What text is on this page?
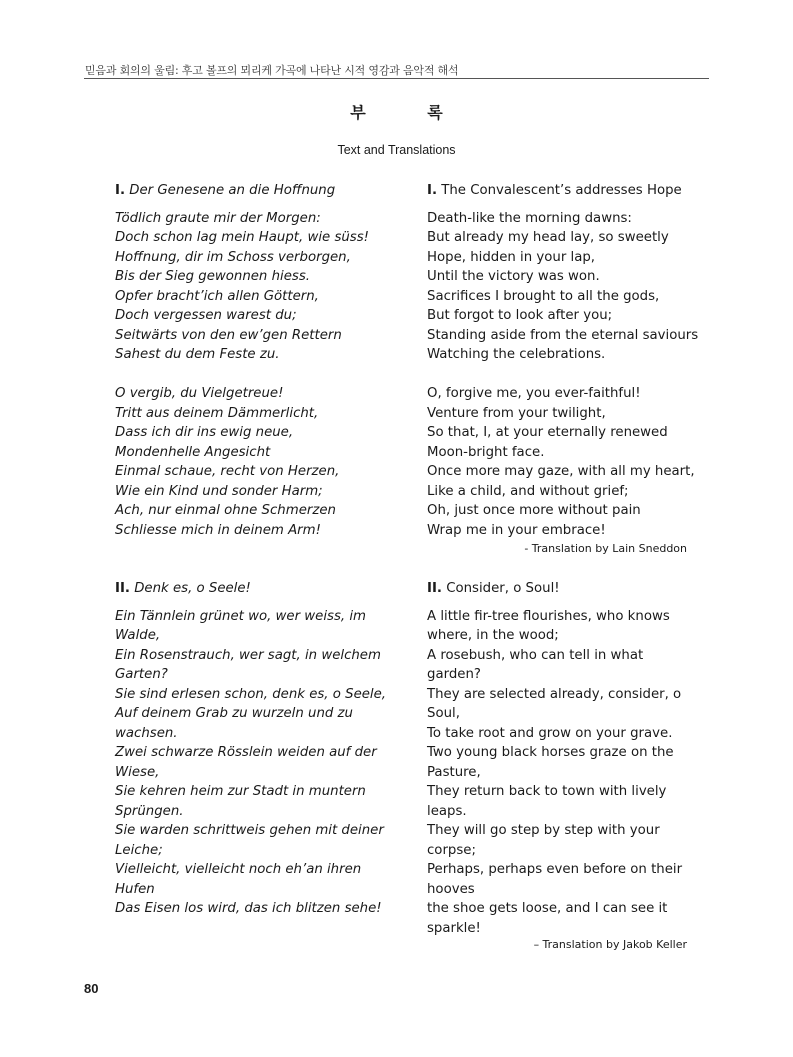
믿음과 회의의 울림: 후고 볼프의 뫼리케 가곡에 나타난 시적 영감과 음악적 해석
부 록
Text and Translations

I. Der Genesene an die Hoffnung

Tödlich graute mir der Morgen:

Doch schon lag mein Haupt, wie süss!

Hoffnung, dir im Schoss verborgen,

Bis der Sieg gewonnen hiess.

Opfer bracht’ich allen Göttern,

Doch vergessen warest du;

Seitwärts von den ew’gen Rettern

Sahest du dem Feste zu.

O vergib, du Vielgetreue!

Tritt aus deinem Dämmerlicht,

Dass ich dir ins ewig neue,

Mondenhelle Angesicht

Einmal schaue, recht von Herzen,

Wie ein Kind und sonder Harm;

Ach, nur einmal ohne Schmerzen

Schliesse mich in deinem Arm!

I. The Convalescent’s addresses Hope

Death-like the morning dawns:

But already my head lay, so sweetly

Hope, hidden in your lap,

Until the victory was won.

Sacrifices I brought to all the gods,

But forgot to look after you;

Standing aside from the eternal saviours

Watching the celebrations.

O, forgive me, you ever-faithful!

Venture from your twilight,

So that, I, at your eternally renewed

Moon-bright face.

Once more may gaze, with all my heart,

Like a child, and without grief;

Oh, just once more without pain

Wrap me in your embrace!

- Translation by Lain Sneddon

II. Denk es, o Seele!

Ein Tännlein grünet wo, wer weiss, im

Walde,

Ein Rosenstrauch, wer sagt, in welchem

Garten?

Sie sind erlesen schon, denk es, o Seele,

Auf deinem Grab zu wurzeln und zu

wachsen.

Zwei schwarze Rösslein weiden auf der

Wiese,

Sie kehren heim zur Stadt in muntern

Sprüngen.

Sie warden schrittweis gehen mit deiner

Leiche;

Vielleicht, vielleicht noch eh’an ihren

Hufen

Das Eisen los wird, das ich blitzen sehe!

II. Consider, o Soul!

A little fir-tree flourishes, who knows

where, in the wood;

A rosebush, who can tell in what

garden?

They are selected already, consider, o

Soul,

To take root and grow on your grave.

Two young black horses graze on the

Pasture,

They return back to town with lively

leaps.

They will go step by step with your

corpse;

Perhaps, perhaps even before on their

hooves

the shoe gets loose, and I can see it

sparkle!

– Translation by Jakob Keller
80
